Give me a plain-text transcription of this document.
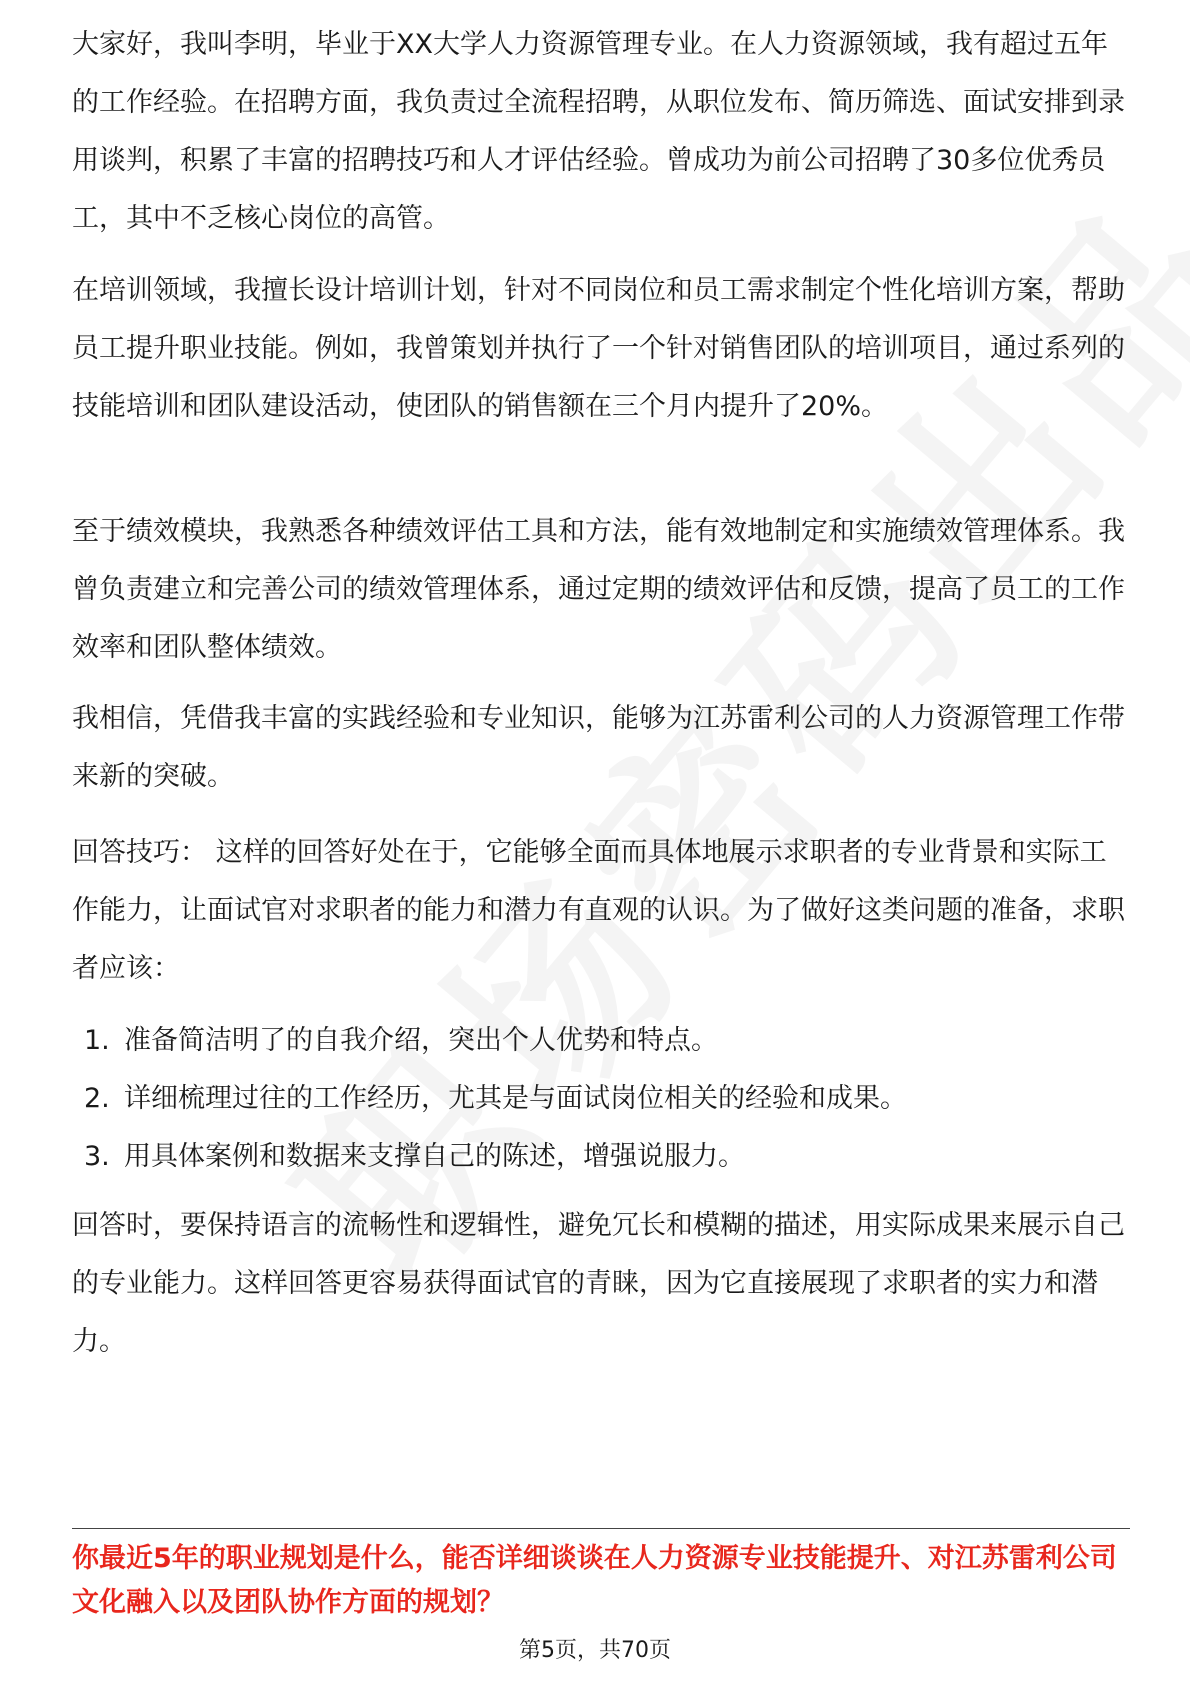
大家好，我叫李明，毕业于XX大学人力资源管理专业。在人力资源领域，我有超过五年的工作经验。在招聘方面，我负责过全流程招聘，从职位发布、简历筛选、面试安排到录用谈判，积累了丰富的招聘技巧和人才评估经验。曾成功为前公司招聘了30多位优秀员工，其中不乏核心岗位的高管。

在培训领域，我擅长设计培训计划，针对不同岗位和员工需求制定个性化培训方案，帮助员工提升职业技能。例如，我曾策划并执行了一个针对销售团队的培训项目，通过系列的技能培训和团队建设活动，使团队的销售额在三个月内提升了20%。

至于绩效模块，我熟悉各种绩效评估工具和方法，能有效地制定和实施绩效管理体系。我曾负责建立和完善公司的绩效管理体系，通过定期的绩效评估和反馈，提高了员工的工作效率和团队整体绩效。

我相信，凭借我丰富的实践经验和专业知识，能够为江苏雷利公司的人力资源管理工作带来新的突破。

回答技巧： 这样的回答好处在于，它能够全面而具体地展示求职者的专业背景和实际工作能力，让面试官对求职者的能力和潜力有直观的认识。为了做好这类问题的准备，求职者应该：

1. 准备简洁明了的自我介绍，突出个人优势和特点。
2. 详细梳理过往的工作经历，尤其是与面试岗位相关的经验和成果。
3. 用具体案例和数据来支撑自己的陈述，增强说服力。

回答时，要保持语言的流畅性和逻辑性，避免冗长和模糊的描述，用实际成果来展示自己的专业能力。这样回答更容易获得面试官的青睐，因为它直接展现了求职者的实力和潜力。

你最近5年的职业规划是什么，能否详细谈谈在人力资源专业技能提升、对江苏雷利公司文化融入以及团队协作方面的规划？

第5页，共70页
